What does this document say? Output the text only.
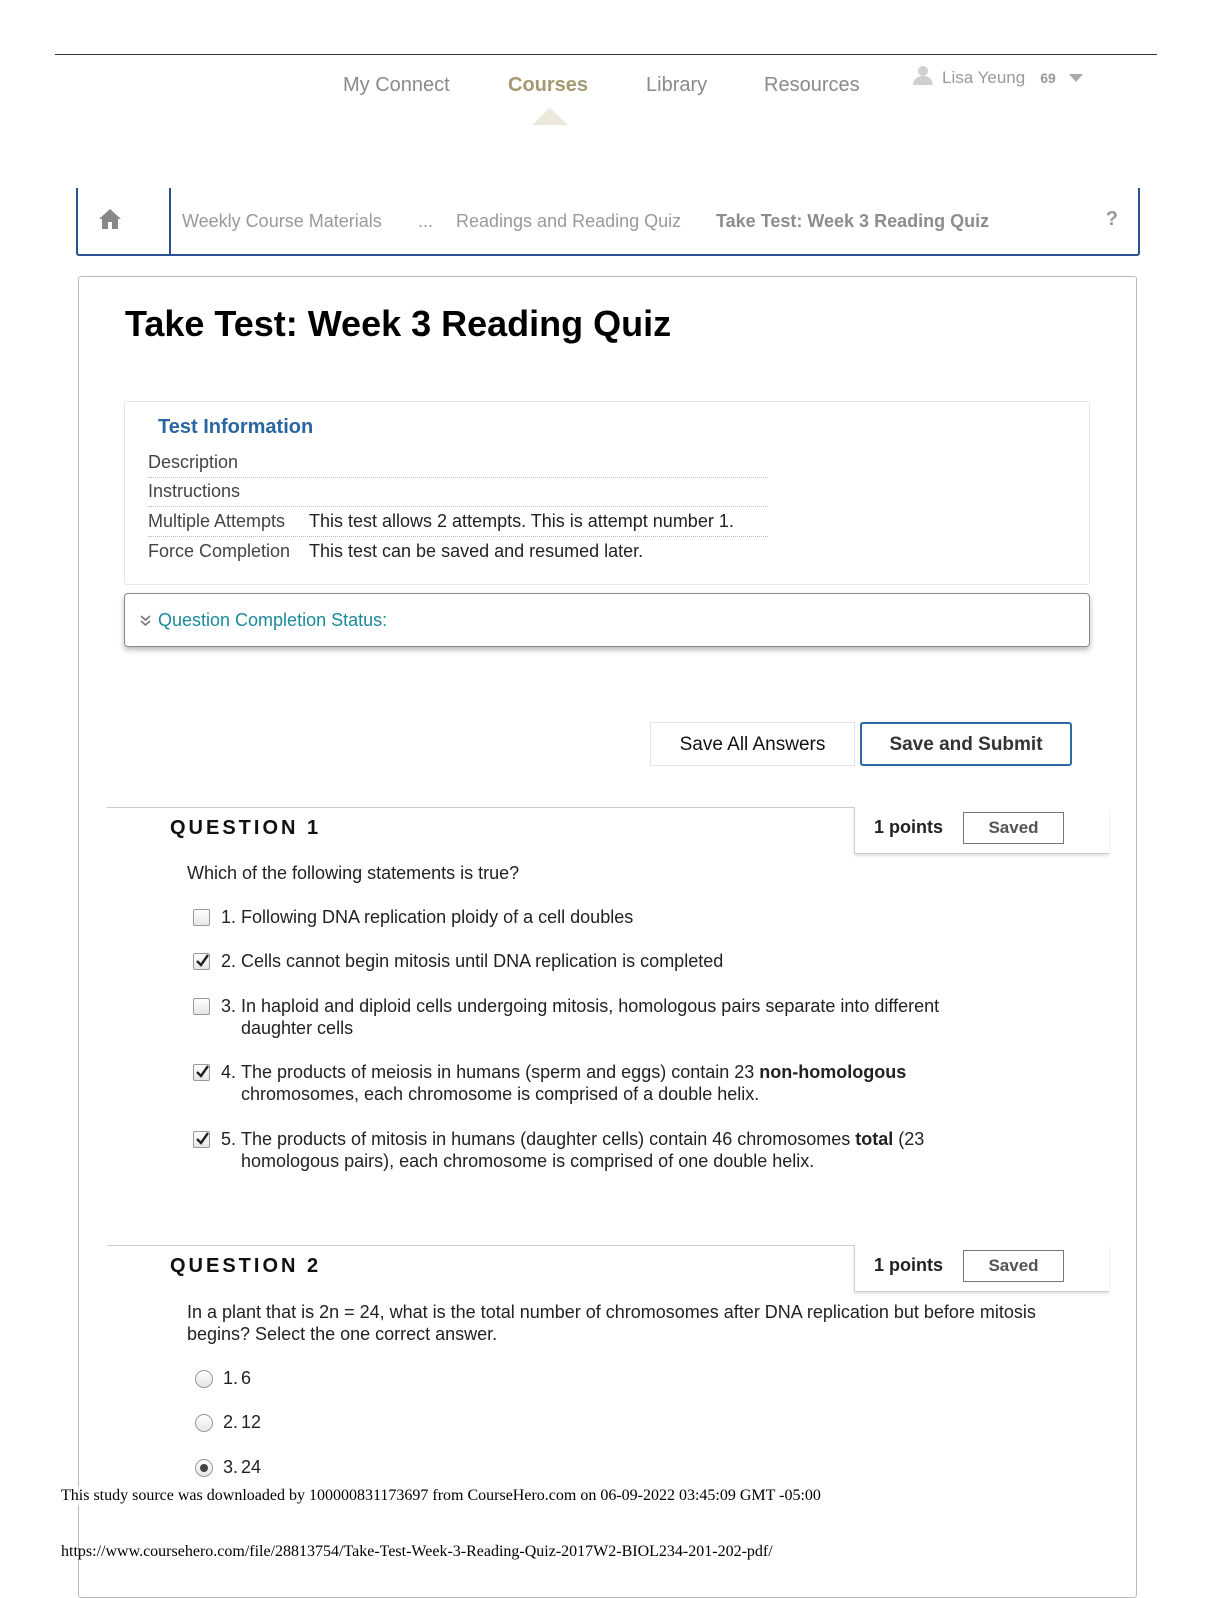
My Connect	Courses	Library	Resources	Lisa Yeung 69
Weekly Course Materials ... Readings and Reading Quiz Take Test: Week 3 Reading Quiz	?
Take Test: Week 3 Reading Quiz
Test Information
Description
Instructions
Multiple Attempts This test allows 2 attempts. This is attempt number 1.
Force Completion This test can be saved and resumed later.
Question Completion Status:
Save All Answers	Save and Submit
QUESTION 1	1 points	Saved
Which of the following statements is true?
1. Following DNA replication ploidy of a cell doubles
2. Cells cannot begin mitosis until DNA replication is completed
3. In haploid and diploid cells undergoing mitosis, homologous pairs separate into different daughter cells
4. The products of meiosis in humans (sperm and eggs) contain 23 non-homologous chromosomes, each chromosome is comprised of a double helix.
5. The products of mitosis in humans (daughter cells) contain 46 chromosomes total (23 homologous pairs), each chromosome is comprised of one double helix.
QUESTION 2	1 points	Saved
In a plant that is 2n = 24, what is the total number of chromosomes after DNA replication but before mitosis begins? Select the one correct answer.
1. 6
2. 12
3. 24
This study source was downloaded by 100000831173697 from CourseHero.com on 06-09-2022 03:45:09 GMT -05:00
https://www.coursehero.com/file/28813754/Take-Test-Week-3-Reading-Quiz-2017W2-BIOL234-201-202-pdf/
